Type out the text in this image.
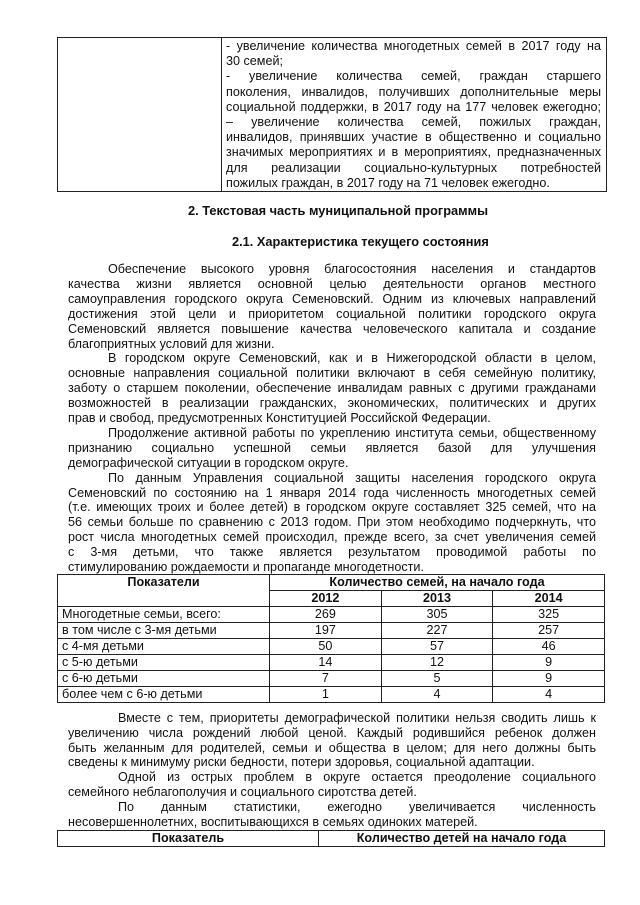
- увеличение количества многодетных семей в 2017 году на
30 семей;
- увеличение количества семей, граждан старшего
поколения, инвалидов, получивших дополнительные меры
социальной поддержки, в 2017 году на 177 человек ежегодно;
– увеличение количества семей, пожилых граждан,
инвалидов, принявших участие в общественно и социально
значимых мероприятиях и в мероприятиях, предназначенных
для реализации социально-культурных потребностей
пожилых граждан, в 2017 году на 71 человек ежегодно.
2. Текстовая часть муниципальной программы
2.1. Характеристика текущего состояния
Обеспечение высокого уровня благосостояния населения и стандартов
качества жизни является основной целью деятельности органов местного
самоуправления городского округа Семеновский. Одним из ключевых направлений
достижения этой цели и приоритетом социальной политики городского округа
Семеновский является повышение качества человеческого капитала и создание
благоприятных условий для жизни.
В городском округе Семеновский, как и в Нижегородской области в целом,
основные направления социальной политики включают в себя семейную политику,
заботу о старшем поколении, обеспечение инвалидам равных с другими гражданами
возможностей в реализации гражданских, экономических, политических и других
прав и свобод, предусмотренных Конституцией Российской Федерации.
Продолжение активной работы по укреплению института семьи, общественному
признанию социально успешной семьи является базой для улучшения
демографической ситуации в городском округе.
По данным Управления социальной защиты населения городского округа
Семеновский по состоянию на 1 января 2014 года численность многодетных семей
(т.е. имеющих троих и более детей) в городском округе составляет 325 семей, что на
56 семьи больше по сравнению с 2013 годом. При этом необходимо подчеркнуть, что
рост числа многодетных семей происходил, прежде всего, за счет увеличения семей
с 3-мя детьми, что также является результатом проводимой работы по
стимулированию рождаемости и пропаганде многодетности.
Показатели	Количество семей, на начало года		
	2012	2013	2014
Многодетные семьи, всего:	269	305	325
в том числе с 3-мя детьми	197	227	257
с 4-мя детьми	50	57	46
с 5-ю детьми	14	12	9
с 6-ю детьми	7	5	9
более чем с 6-ю детьми	1	4	4
Вместе с тем, приоритеты демографической политики нельзя сводить лишь к
увеличению числа рождений любой ценой. Каждый родившийся ребенок должен
быть желанным для родителей, семьи и общества в целом; для него должны быть
сведены к минимуму риски бедности, потери здоровья, социальной адаптации.
Одной из острых проблем в округе остается преодоление социального
семейного неблагополучия и социального сиротства детей.
По данным статистики, ежегодно увеличивается численность
несовершеннолетних, воспитывающихся в семьях одиноких матерей.
Показатель	Количество детей на начало года
